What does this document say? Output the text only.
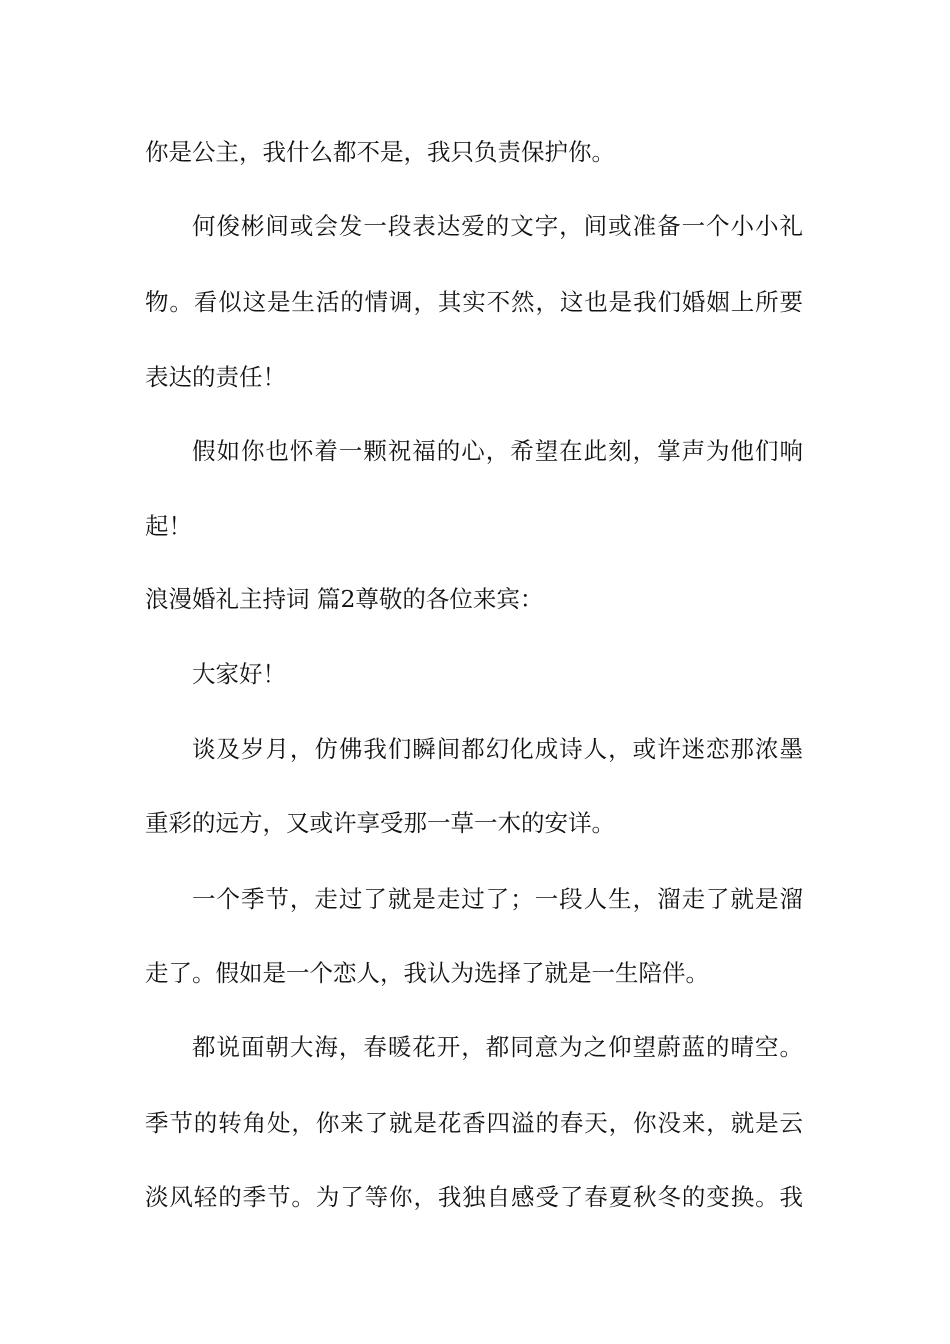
你是公主，我什么都不是，我只负责保护你。
何俊彬间或会发一段表达爱的文字，间或准备一个小小礼
物。看似这是生活的情调，其实不然，这也是我们婚姻上所要
表达的责任！
假如你也怀着一颗祝福的心，希望在此刻，掌声为他们响
起！
浪漫婚礼主持词 篇2尊敬的各位来宾：
大家好！
谈及岁月，仿佛我们瞬间都幻化成诗人，或许迷恋那浓墨
重彩的远方，又或许享受那一草一木的安详。
一个季节，走过了就是走过了；一段人生，溜走了就是溜
走了。假如是一个恋人，我认为选择了就是一生陪伴。
都说面朝大海，春暖花开，都同意为之仰望蔚蓝的晴空。
季节的转角处，你来了就是花香四溢的春天，你没来，就是云
淡风轻的季节。为了等你，我独自感受了春夏秋冬的变换。我
